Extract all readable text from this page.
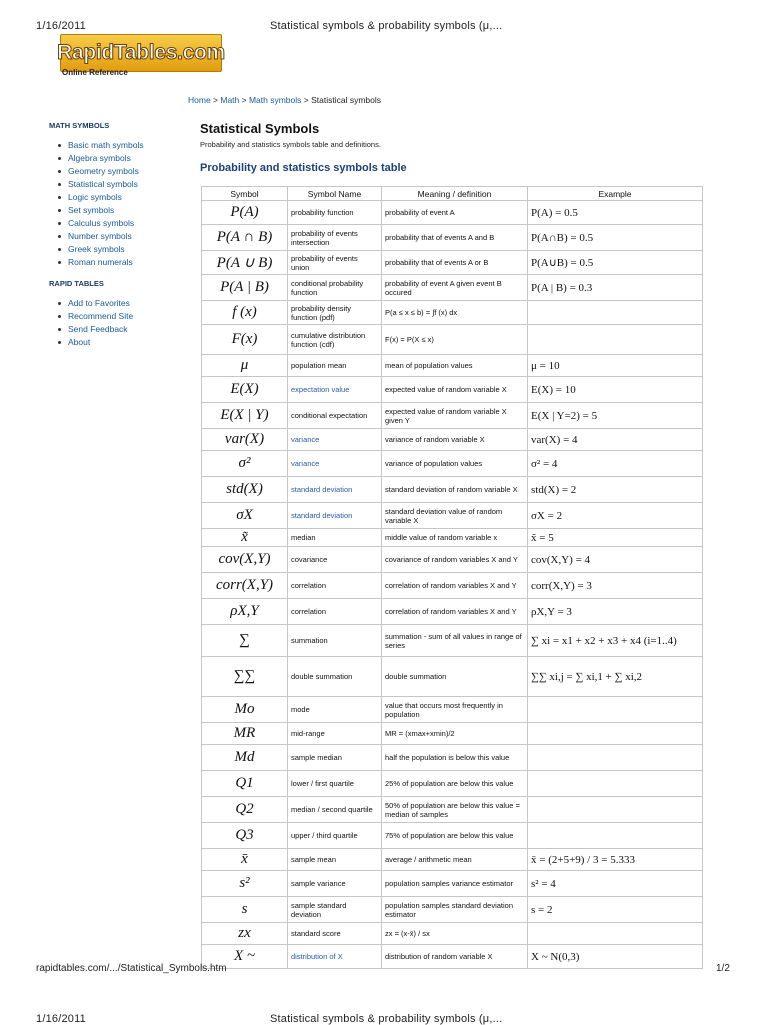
1/16/2011	Statistical symbols & probability symbols (μ,...
RapidTables.com
Online Reference
Home > Math > Math symbols > Statistical symbols
MATH SYMBOLS
Basic math symbols
Algebra symbols
Geometry symbols
Statistical symbols
Logic symbols
Set symbols
Calculus symbols
Number symbols
Greek symbols
Roman numerals
RAPID TABLES
Add to Favorites
Recommend Site
Send Feedback
About
Statistical Symbols
Probability and statistics symbols table and definitions.
Probability and statistics symbols table
Symbol	Symbol Name	Meaning / definition	Example
P(A)	probability function	probability of event A	P(A) = 0.5
P(A ∩ B)	probability of events intersection	probability that of events A and B	P(A∩B) = 0.5
P(A ∪ B)	probability of events union	probability that of events A or B	P(A∪B) = 0.5
P(A | B)	conditional probability function	probability of event A given event B occured	P(A | B) = 0.3
f (x)	probability density function (pdf)	P(a ≤ x ≤ b) = ∫f (x) dx	
F(x)	cumulative distribution function (cdf)	F(x) = P(X ≤ x)	
μ	population mean	mean of population values	μ = 10
E(X)	expectation value	expected value of random variable X	E(X) = 10
E(X | Y)	conditional expectation	expected value of random variable X given Y	E(X | Y=2) = 5
var(X)	variance	variance of random variable X	var(X) = 4
σ²	variance	variance of population values	σ² = 4
std(X)	standard deviation	standard deviation of random variable X	std(X) = 2
σX	standard deviation	standard deviation value of random variable X	σX = 2
x̃	median	middle value of random variable x	x̃ = 5
cov(X,Y)	covariance	covariance of random variables X and Y	cov(X,Y) = 4
corr(X,Y)	correlation	correlation of random variables X and Y	corr(X,Y) = 3
ρX,Y	correlation	correlation of random variables X and Y	ρX,Y = 3
∑	summation	summation - sum of all values in range of series	∑ xi = x1 + x2 + x3 + x4 (i=1..4)
∑∑	double summation	double summation	∑∑ xi,j = ∑ xi,1 + ∑ xi,2
Mo	mode	value that occurs most frequently in population	
MR	mid-range	MR = (xmax+xmin)/2	
Md	sample median	half the population is below this value	
Q1	lower / first quartile	25% of population are below this value	
Q2	median / second quartile	50% of population are below this value = median of samples	
Q3	upper / third quartile	75% of population are below this value	
x̄	sample mean	average / arithmetic mean	x̄ = (2+5+9) / 3 = 5.333
s²	sample variance	population samples variance estimator	s² = 4
s	sample standard deviation	population samples standard deviation estimator	s = 2
zx	standard score	zx = (x-x̄) / sx	
X ~	distribution of X	distribution of random variable X	X ~ N(0,3)
rapidtables.com/.../Statistical_Symbols.htm	1/2
1/16/2011	Statistical symbols & probability symbols (μ,...
